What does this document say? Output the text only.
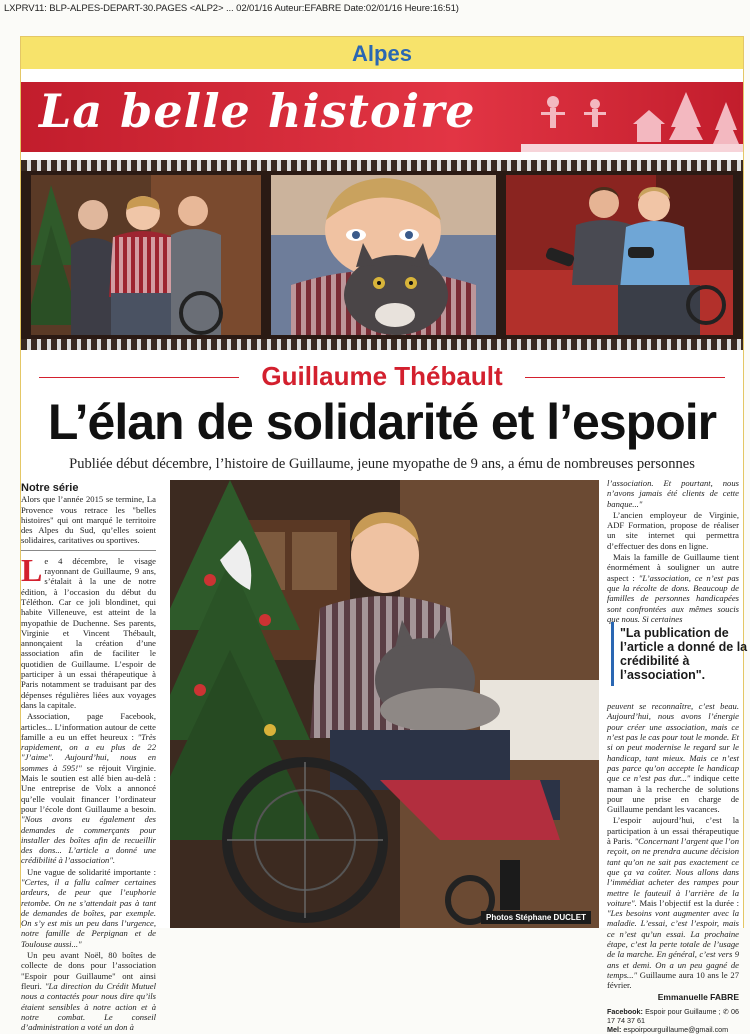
LXPRV11: BLP-ALPES-DEPART-30.PAGES <ALP2> ... 02/01/16 Auteur:EFABRE Date:02/01/16 Heure:16:51)
Alpes
La belle histoire
Guillaume Thébault
L’élan de solidarité et l’espoir
Publiée début décembre, l’histoire de Guillaume, jeune myopathe de 9 ans, a ému de nombreuses personnes

Notre série

Alors que l’année 2015 se termine, La Provence vous retrace les "belles histoires" qui ont marqué le territoire des Alpes du Sud, qu’elles soient solidaires, caritatives ou sportives.

Le 4 décembre, le visage rayonnant de Guillaume, 9 ans, s’étalait à la une de notre édition, à l’occasion du début du Téléthon. Car ce joli blondinet, qui habite Villeneuve, est atteint de la myopathie de Duchenne. Ses parents, Virginie et Vincent Thébault, annonçaient la création d’une association afin de faciliter le quotidien de Guillaume. L’espoir de participer à un essai thérapeutique à Paris notamment se traduisant par des dépenses régulières liées aux voyages dans la capitale.

Association, page Facebook, articles... L’information autour de cette famille a eu un effet heureux : "Très rapidement, on a eu plus de 22 "J’aime". Aujourd’hui, nous en sommes à 595!" se réjouit Virginie. Mais le soutien est allé bien au-delà : Une entreprise de Volx a annoncé qu’elle voulait financer l’ordinateur pour l’école dont Guillaume a besoin. "Nous avons eu également des demandes de commerçants pour installer des boîtes afin de recueillir des dons... L’article a donné une crédibilité à l’association".

Une vague de solidarité importante : "Certes, il a fallu calmer certaines ardeurs, de peur que l’euphorie retombe. On ne s’attendait pas à tant de demandes de boîtes, par exemple. On s’y est mis un peu dans l’urgence, notre famille de Perpignan et de Toulouse aussi..."

Un peu avant Noël, 80 boîtes de collecte de dons pour l’association "Espoir pour Guillaume" ont ainsi fleuri. "La direction du Crédit Mutuel nous a contactés pour nous dire qu’ils étaient sensibles à notre action et à notre combat. Le conseil d’administration a voté un don à

Photos Stéphane DUCLET

l’association. Et pourtant, nous n’avons jamais été clients de cette banque..."

L’ancien employeur de Virginie, ADF Formation, propose de réaliser un site internet qui permettra d’effectuer des dons en ligne.

Mais la famille de Guillaume tient énormément à souligner un autre aspect : "L’association, ce n’est pas que la récolte de dons. Beaucoup de familles de personnes handicapées sont confrontées aux mêmes soucis que nous. Si certaines

peuvent se reconnaître, c’est beau. Aujourd’hui, nous avons l’énergie pour créer une association, mais ce n’est pas le cas pour tout le monde. Et si on peut modernise le regard sur le handicap, tant mieux. Mais ce n’est pas parce qu’on accepte le handicap que ce n’est pas dur..." indique cette maman à la recherche de solutions pour une prise en charge de Guillaume pendant les vacances.

L’espoir aujourd’hui, c’est la participation à un essai thérapeutique à Paris. "Concernant l’argent que l’on reçoit, on ne prendra aucune décision tant qu’on ne sait pas exactement ce que ça va coûter. Nous allons dans l’immédiat acheter des rampes pour mettre le fauteuil à l’arrière de la voiture". Mais l’objectif est la durée : "Les besoins vont augmenter avec la maladie. L’essai, c’est l’espoir, mais ce n’est qu’un essai. La prochaine étape, c’est la perte totale de l’usage de la marche. En général, c’est vers 9 ans et demi. On a un peu gagné de temps..." Guillaume aura 10 ans le 27 février.

Emmanuelle FABRE
Facebook: Espoir pour Guillaume ; ✆ 06 17 74 37 61
Mel: espoirpourguillaume@gmail.com
"La publication de l’article a donné de la crédibilité à l’association".
